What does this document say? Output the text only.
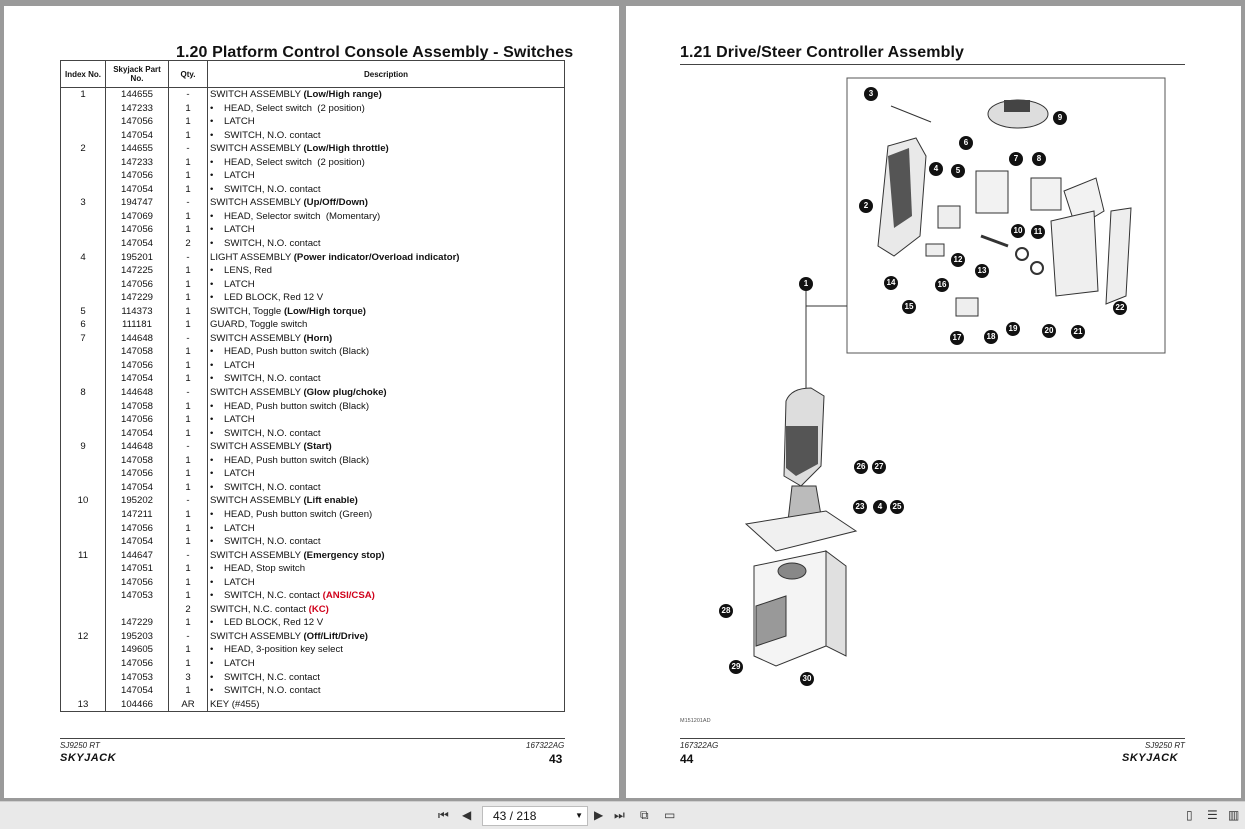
1.20 Platform Control Console Assembly - Switches
Index No.	Skyjack Part No.	Qty.	Description
1	144655	-	SWITCH ASSEMBLY (Low/High range)
	147233	1	• HEAD, Select switch  (2 position)
	147056	1	• LATCH
	147054	1	• SWITCH, N.O. contact
2	144655	-	SWITCH ASSEMBLY (Low/High throttle)
	147233	1	• HEAD, Select switch  (2 position)
	147056	1	• LATCH
	147054	1	• SWITCH, N.O. contact
3	194747	-	SWITCH ASSEMBLY (Up/Off/Down)
	147069	1	• HEAD, Selector switch  (Momentary)
	147056	1	• LATCH
	147054	2	• SWITCH, N.O. contact
4	195201	-	LIGHT ASSEMBLY (Power indicator/Overload indicator)
	147225	1	• LENS, Red
	147056	1	• LATCH
	147229	1	• LED BLOCK, Red 12 V
5	114373	1	SWITCH, Toggle (Low/High torque)
6	111181	1	GUARD, Toggle switch
7	144648	-	SWITCH ASSEMBLY (Horn)
	147058	1	• HEAD, Push button switch (Black)
	147056	1	• LATCH
	147054	1	• SWITCH, N.O. contact
8	144648	-	SWITCH ASSEMBLY (Glow plug/choke)
	147058	1	• HEAD, Push button switch (Black)
	147056	1	• LATCH
	147054	1	• SWITCH, N.O. contact
9	144648	-	SWITCH ASSEMBLY (Start)
	147058	1	• HEAD, Push button switch (Black)
	147056	1	• LATCH
	147054	1	• SWITCH, N.O. contact
10	195202	-	SWITCH ASSEMBLY (Lift enable)
	147211	1	• HEAD, Push button switch (Green)
	147056	1	• LATCH
	147054	1	• SWITCH, N.O. contact
11	144647	-	SWITCH ASSEMBLY (Emergency stop)
	147051	1	• HEAD, Stop switch
	147056	1	• LATCH
	147053	1	• SWITCH, N.C. contact (ANSI/CSA)
		2	SWITCH, N.C. contact (KC)
	147229	1	• LED BLOCK, Red 12 V
12	195203	-	SWITCH ASSEMBLY (Off/Lift/Drive)
	149605	1	• HEAD, 3-position key select
	147056	1	• LATCH
	147053	3	• SWITCH, N.C. contact
	147054	1	• SWITCH, N.O. contact
13	104466	AR	KEY (#455)
SJ9250 RT	167322AG
SKYJACK	43
1.21 Drive/Steer Controller Assembly
1
2
3
4	5
6
7	8
9
10	11
12
13
14
15
16
17	18
19	20	21
22
23	4	25
26	27
28
29
30
M151201AD
167322AG	SJ9250 RT
44	SKYJACK
⏮ ◀ 43 / 218	▼ ▶ ⏭ ⧉ ▭	▯ ☰ ▥
